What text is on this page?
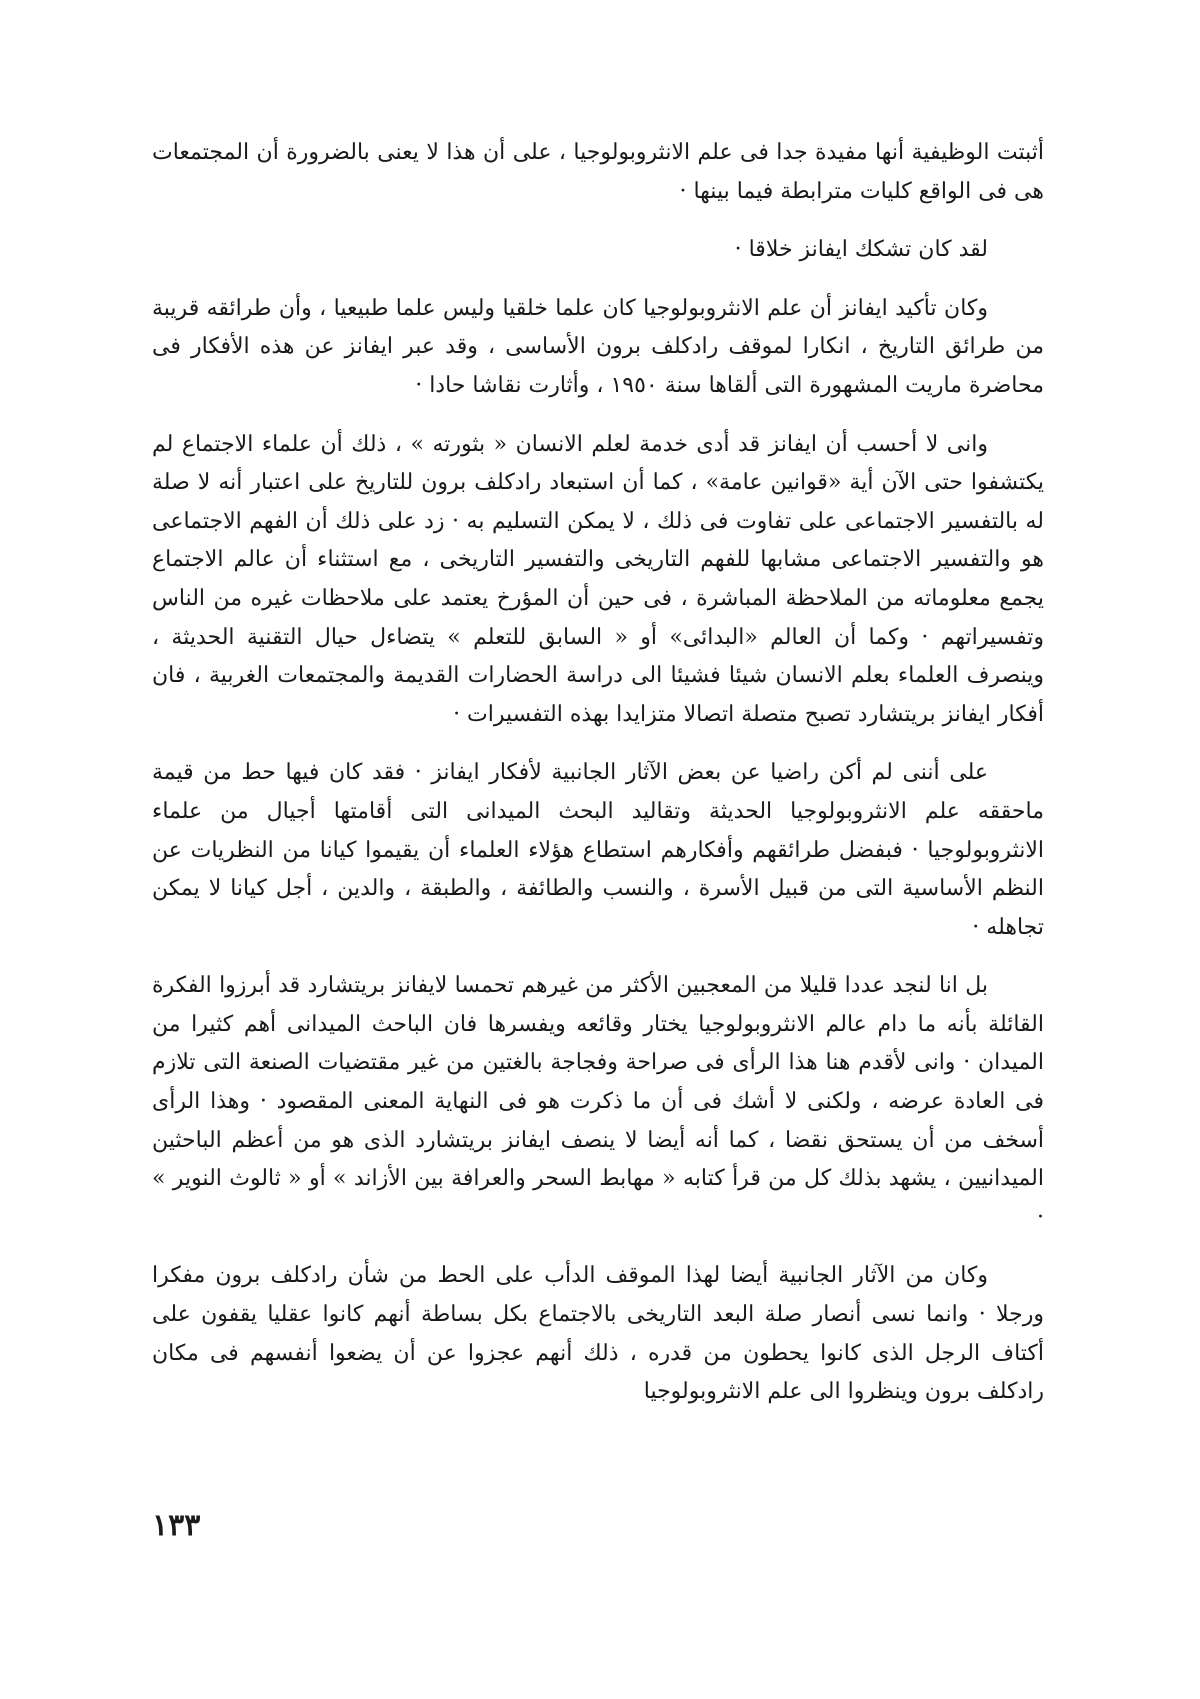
أثبتت الوظيفية أنها مفيدة جدا فى علم الانثروبولوجيا ، على أن هذا لا يعنى بالضرورة أن المجتمعات هى فى الواقع كليات مترابطة فيما بينها ·

لقد كان تشكك ايفانز خلاقا ·

وكان تأكيد ايفانز أن علم الانثروبولوجيا كان علما خلقيا وليس علما طبيعيا ، وأن طرائقه قريبة من طرائق التاريخ ، انكارا لموقف رادكلف برون الأساسى ، وقد عبر ايفانز عن هذه الأفكار فى محاضرة ماريت المشهورة التى ألقاها سنة ١٩٥٠ ، وأثارت نقاشا حادا ·

وانى لا أحسب أن ايفانز قد أدى خدمة لعلم الانسان « بثورته » ، ذلك أن علماء الاجتماع لم يكتشفوا حتى الآن أية «قوانين عامة» ، كما أن استبعاد رادكلف برون للتاريخ على اعتبار أنه لا صلة له بالتفسير الاجتماعى على تفاوت فى ذلك ، لا يمكن التسليم به · زد على ذلك أن الفهم الاجتماعى هو والتفسير الاجتماعى مشابها للفهم التاريخى والتفسير التاريخى ، مع استثناء أن عالم الاجتماع يجمع معلوماته من الملاحظة المباشرة ، فى حين أن المؤرخ يعتمد على ملاحظات غيره من الناس وتفسيراتهم · وكما أن العالم «البدائى» أو « السابق للتعلم » يتضاءل حيال التقنية الحديثة ، وينصرف العلماء بعلم الانسان شيئا فشيئا الى دراسة الحضارات القديمة والمجتمعات الغربية ، فان أفكار ايفانز بريتشارد تصبح متصلة اتصالا متزايدا بهذه التفسيرات ·

على أننى لم أكن راضيا عن بعض الآثار الجانبية لأفكار ايفانز · فقد كان فيها حط من قيمة ماحققه علم الانثروبولوجيا الحديثة وتقاليد البحث الميدانى التى أقامتها أجيال من علماء الانثروبولوجيا · فبفضل طرائقهم وأفكارهم استطاع هؤلاء العلماء أن يقيموا كيانا من النظريات عن النظم الأساسية التى من قبيل الأسرة ، والنسب والطائفة ، والطبقة ، والدين ، أجل كيانا لا يمكن تجاهله ·

بل انا لنجد عددا قليلا من المعجبين الأكثر من غيرهم تحمسا لايفانز بريتشارد قد أبرزوا الفكرة القائلة بأنه ما دام عالم الانثروبولوجيا يختار وقائعه ويفسرها فان الباحث الميدانى أهم كثيرا من الميدان · وانى لأقدم هنا هذا الرأى فى صراحة وفجاجة بالغتين من غير مقتضيات الصنعة التى تلازم فى العادة عرضه ، ولكنى لا أشك فى أن ما ذكرت هو فى النهاية المعنى المقصود · وهذا الرأى أسخف من أن يستحق نقضا ، كما أنه أيضا لا ينصف ايفانز بريتشارد الذى هو من أعظم الباحثين الميدانيين ، يشهد بذلك كل من قرأ كتابه « مهابط السحر والعرافة بين الأزاند » أو « ثالوث النوير » ·

وكان من الآثار الجانبية أيضا لهذا الموقف الدأب على الحط من شأن رادكلف برون مفكرا ورجلا · وانما نسى أنصار صلة البعد التاريخى بالاجتماع بكل بساطة أنهم كانوا عقليا يقفون على أكتاف الرجل الذى كانوا يحطون من قدره ، ذلك أنهم عجزوا عن أن يضعوا أنفسهم فى مكان رادكلف برون وينظروا الى علم الانثروبولوجيا

١٣٣
